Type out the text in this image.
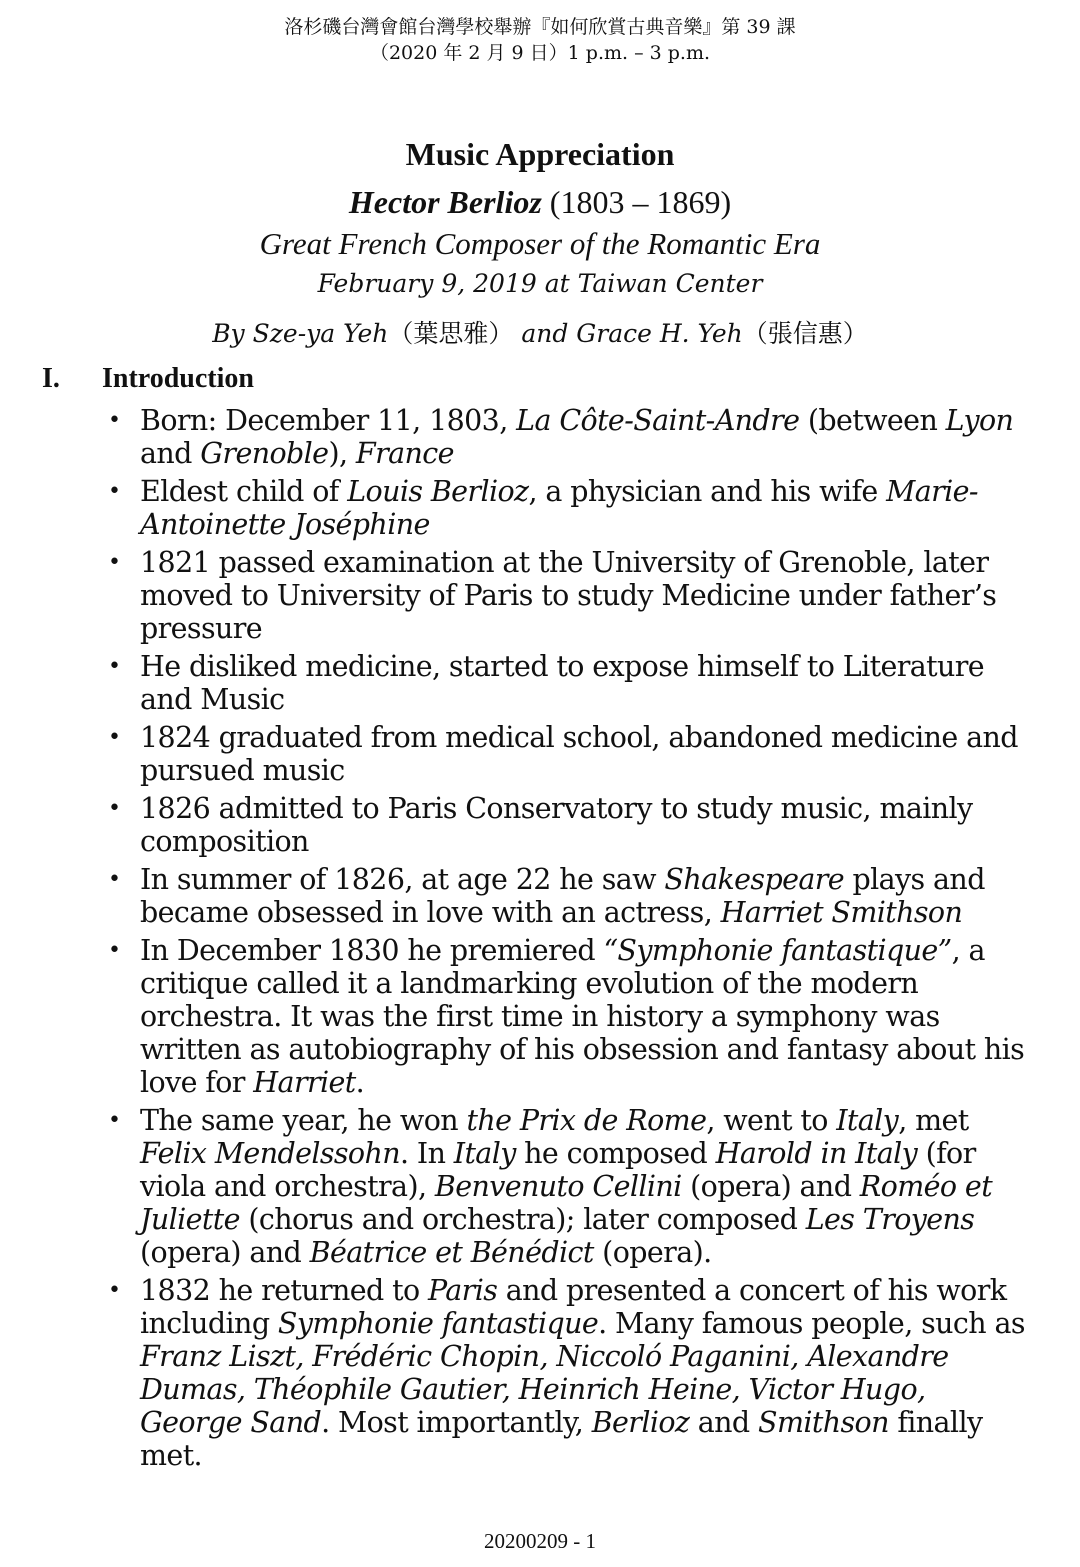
洛杉磯台灣會館台灣學校舉辦『如何欣賞古典音樂』第 39 課
（2020 年 2 月 9 日）1 p.m. – 3 p.m.
Music Appreciation
Hector Berlioz (1803 – 1869)
Great French Composer of the Romantic Era
February 9, 2019 at Taiwan Center
By Sze-ya Yeh（葉思雅） and Grace H. Yeh（張信惠）
I. Introduction
• Born: December 11, 1803, La Côte-Saint-Andre (between Lyon and Grenoble), France
• Eldest child of Louis Berlioz, a physician and his wife Marie-Antoinette Joséphine
• 1821 passed examination at the University of Grenoble, later moved to University of Paris to study Medicine under father’s pressure
• He disliked medicine, started to expose himself to Literature and Music
• 1824 graduated from medical school, abandoned medicine and pursued music
• 1826 admitted to Paris Conservatory to study music, mainly composition
• In summer of 1826, at age 22 he saw Shakespeare plays and became obsessed in love with an actress, Harriet Smithson
• In December 1830 he premiered “Symphonie fantastique”, a critique called it a landmarking evolution of the modern orchestra. It was the first time in history a symphony was written as autobiography of his obsession and fantasy about his love for Harriet.
• The same year, he won the Prix de Rome, went to Italy, met Felix Mendelssohn. In Italy he composed Harold in Italy (for viola and orchestra), Benvenuto Cellini (opera) and Roméo et Juliette (chorus and orchestra); later composed Les Troyens (opera) and Béatrice et Bénédict (opera).
• 1832 he returned to Paris and presented a concert of his work including Symphonie fantastique. Many famous people, such as Franz Liszt, Frédéric Chopin, Niccoló Paganini, Alexandre Dumas, Théophile Gautier, Heinrich Heine, Victor Hugo, George Sand. Most importantly, Berlioz and Smithson finally met.
20200209 - 1
